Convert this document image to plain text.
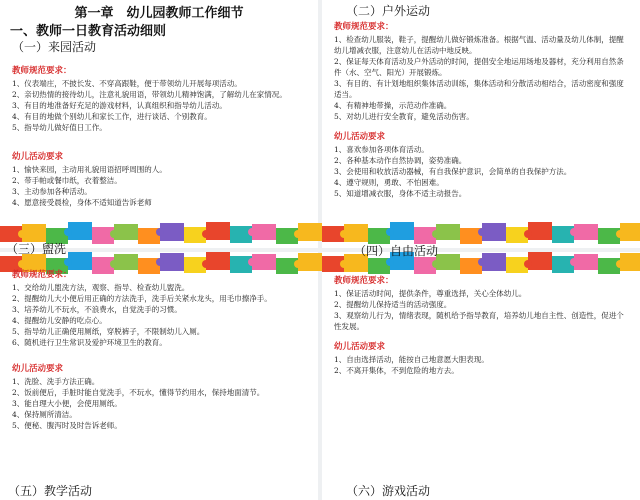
第一章　幼儿园教师工作细节
一、教师一日教育活动细则
（一）来园活动
教师规范要求：
1、仪表端庄，不披长发、不穿高跟鞋，便于带领幼儿开展每项活动。
2、亲切热情的接待幼儿，注意礼貌用语，带领幼儿精神饱满，了解幼儿在家情况。
3、有目的地准备好充足的游戏材料，认真组织和指导幼儿活动。
4、有目的地做个别幼儿和家长工作，进行谈话、个别教育。
5、指导幼儿做好值日工作。
幼儿活动要求
1、愉快来园，主动用礼貌用语招呼周围的人。
2、带手帕或餐巾纸，衣着整洁。
3、主动参加各种活动。
4、愿意接受晨检，身体不适知道告诉老师
（二）户外运动
教师规范要求：
1、检查幼儿服装，鞋子，提醒幼儿做好锻炼准备。根据气温、活动量及幼儿体制，提醒幼儿增减衣服，注意幼儿在活动中地反映。
2、保证每天体育活动及户外活动的时间，提倡安全地运用场地及器材，充分利用自然条件（水、空气、阳光）开展锻炼。
3、有目的、有计划地组织集体活动训练，集体活动和分散活动相结合，活动密度和强度适当。
4、有精神地带操，示范动作准确。
5、对幼儿进行安全教育，避免活动伤害。
幼儿活动要求
1、喜欢参加各项体育活动。
2、各种基本动作自然协调，姿势准确。
3、会使用和收放活动器械，有自我保护意识，会简单的自我保护方法。
4、遵守规则，勇敢、不怕困难。
5、知道增减衣服，身体不适主动报告。
（三）盥洗
教师规范要求：
1、交给幼儿盥洗方法，观察、指导、检查幼儿盥洗。
2、提醒幼儿大小便后用正确的方法洗手，洗手后关紧水龙头，用毛巾擦净手。
3、培养幼儿不玩水，不浪费水，自觉洗手的习惯。
4、提醒幼儿安静的吃点心。
5、指导幼儿正确使用厕纸，穿脱裤子，不限制幼儿入厕。
6、随机进行卫生常识及爱护环境卫生的教育。
幼儿活动要求
1、洗脸、洗手方法正确。
2、饭前便后，手脏时能自觉洗手，不玩水，懂得节约用水，保持地面清节。
3、能自理大小便，会使用厕纸。
4、保持厕所清洁。
5、便秘、腹泻时及时告诉老师。
（四）自由活动
教师规范要求：
1、保证活动时间，提供条件，尊重选择，关心全体幼儿。
2、提醒幼儿保持适当的活动强度。
3、观察幼儿行为，情绪表现，随机给予指导教育，培养幼儿地自主性、创造性，促进个性发展。
幼儿活动要求
1、自由选择活动，能按自己地意愿大胆表现。
2、不离开集体，不到危险的地方去。
（五）教学活动	（六）游戏活动
